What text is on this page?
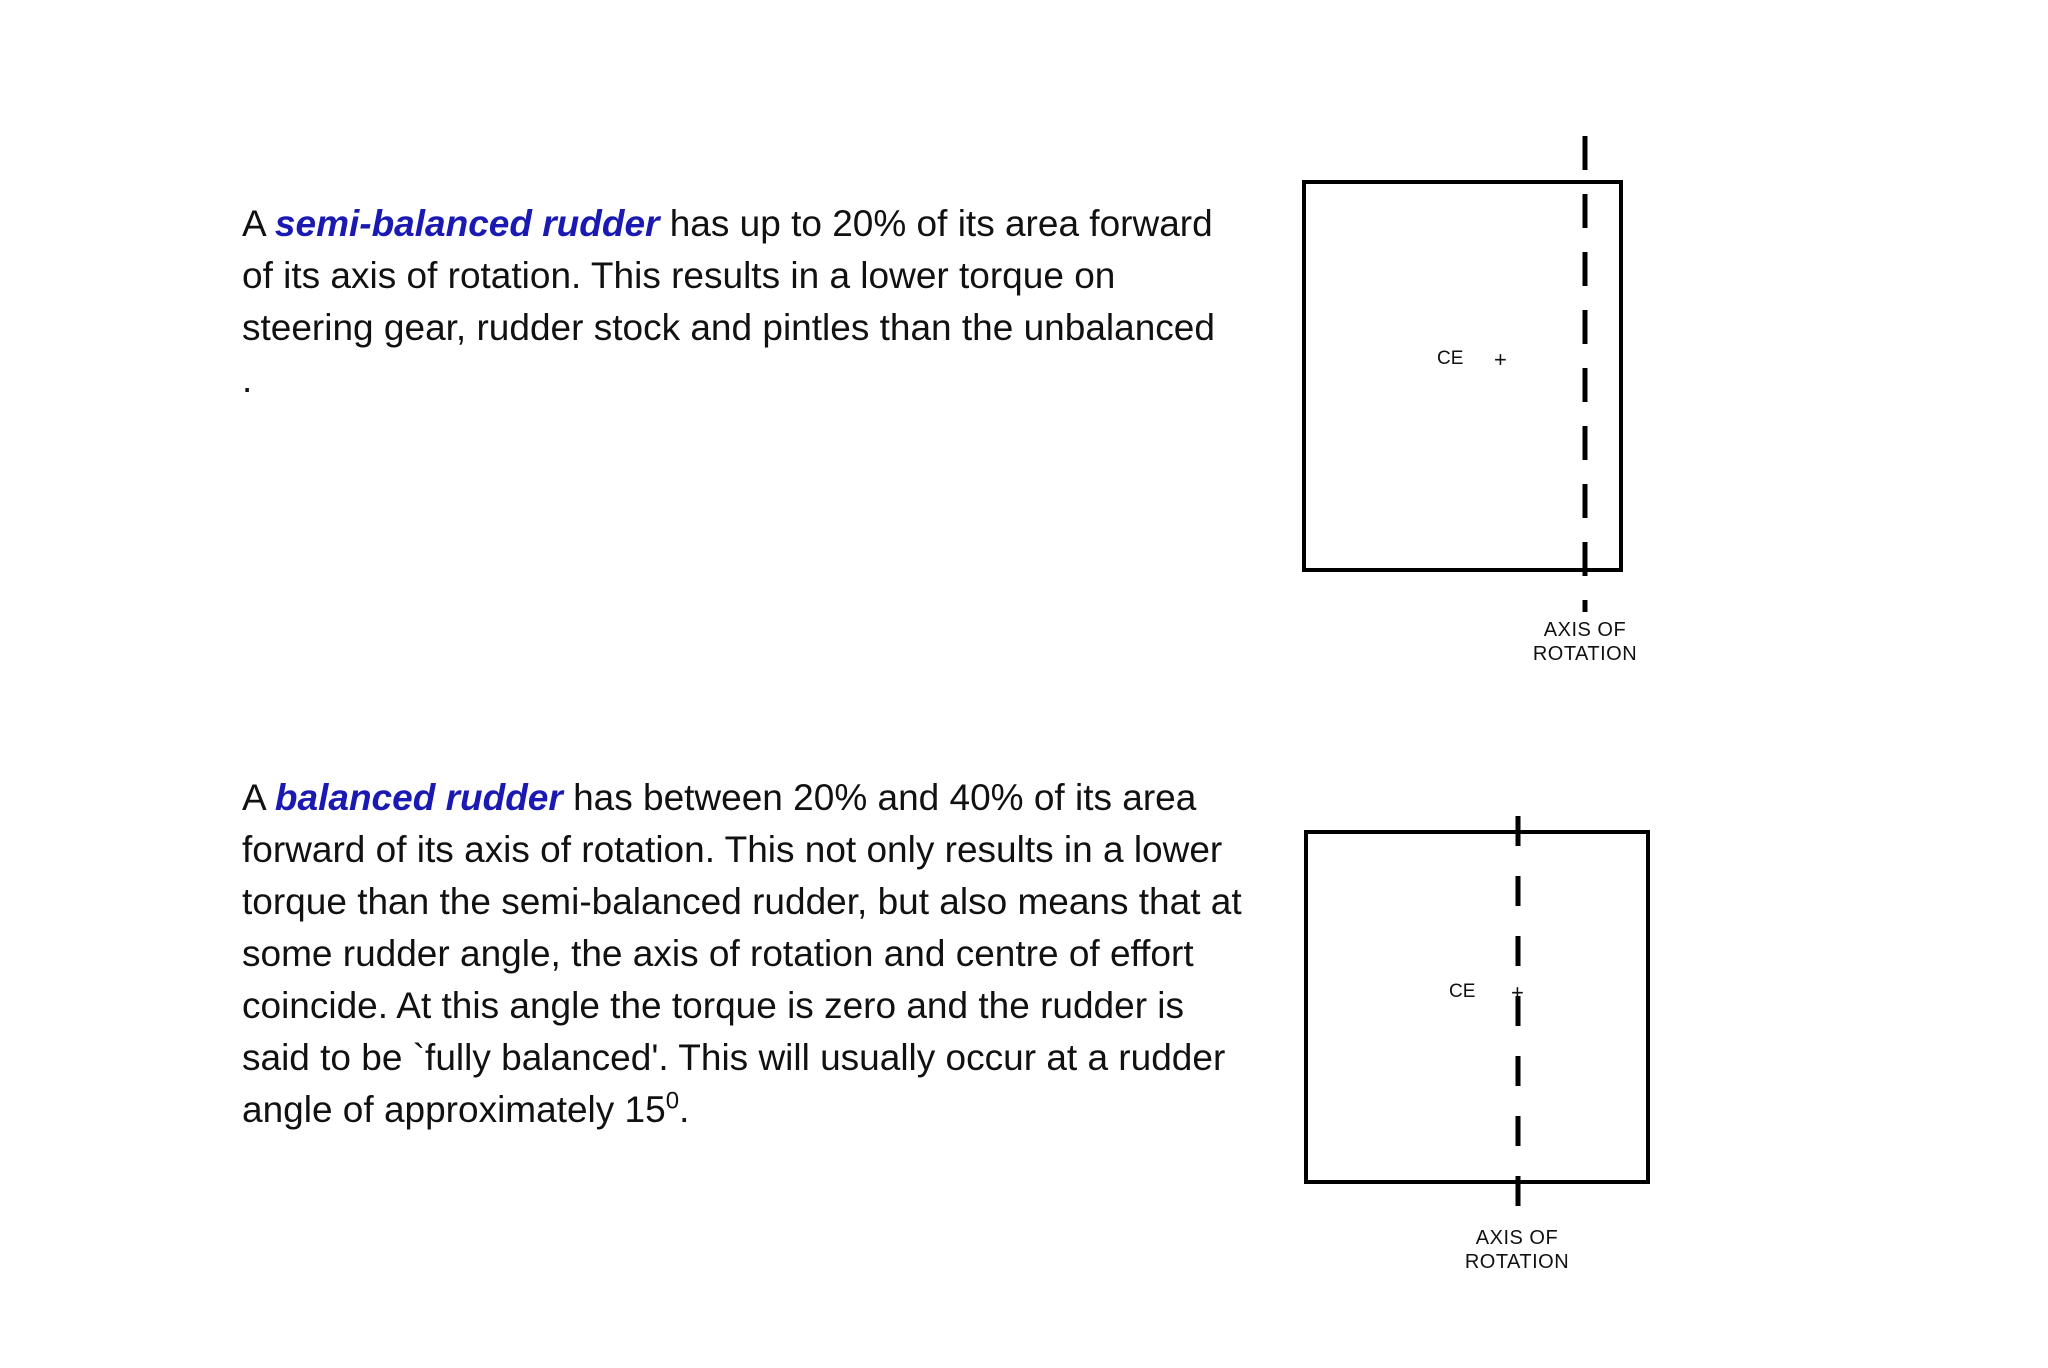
A semi-balanced rudder has up to 20% of its area forward of its axis of rotation. This results in a lower torque on steering gear, rudder stock and pintles than the unbalanced
.

A balanced rudder has between 20% and 40% of its area forward of its axis of rotation. This not only results in a lower torque than the semi-balanced rudder, but also means that at some rudder angle, the axis of rotation and centre of effort coincide. At this angle the torque is zero and the rudder is said to be `fully balanced'. This will usually occur at a rudder angle of approximately $15^0$.

CE +
AXIS OF
ROTATION
CE +
AXIS OF
ROTATION
